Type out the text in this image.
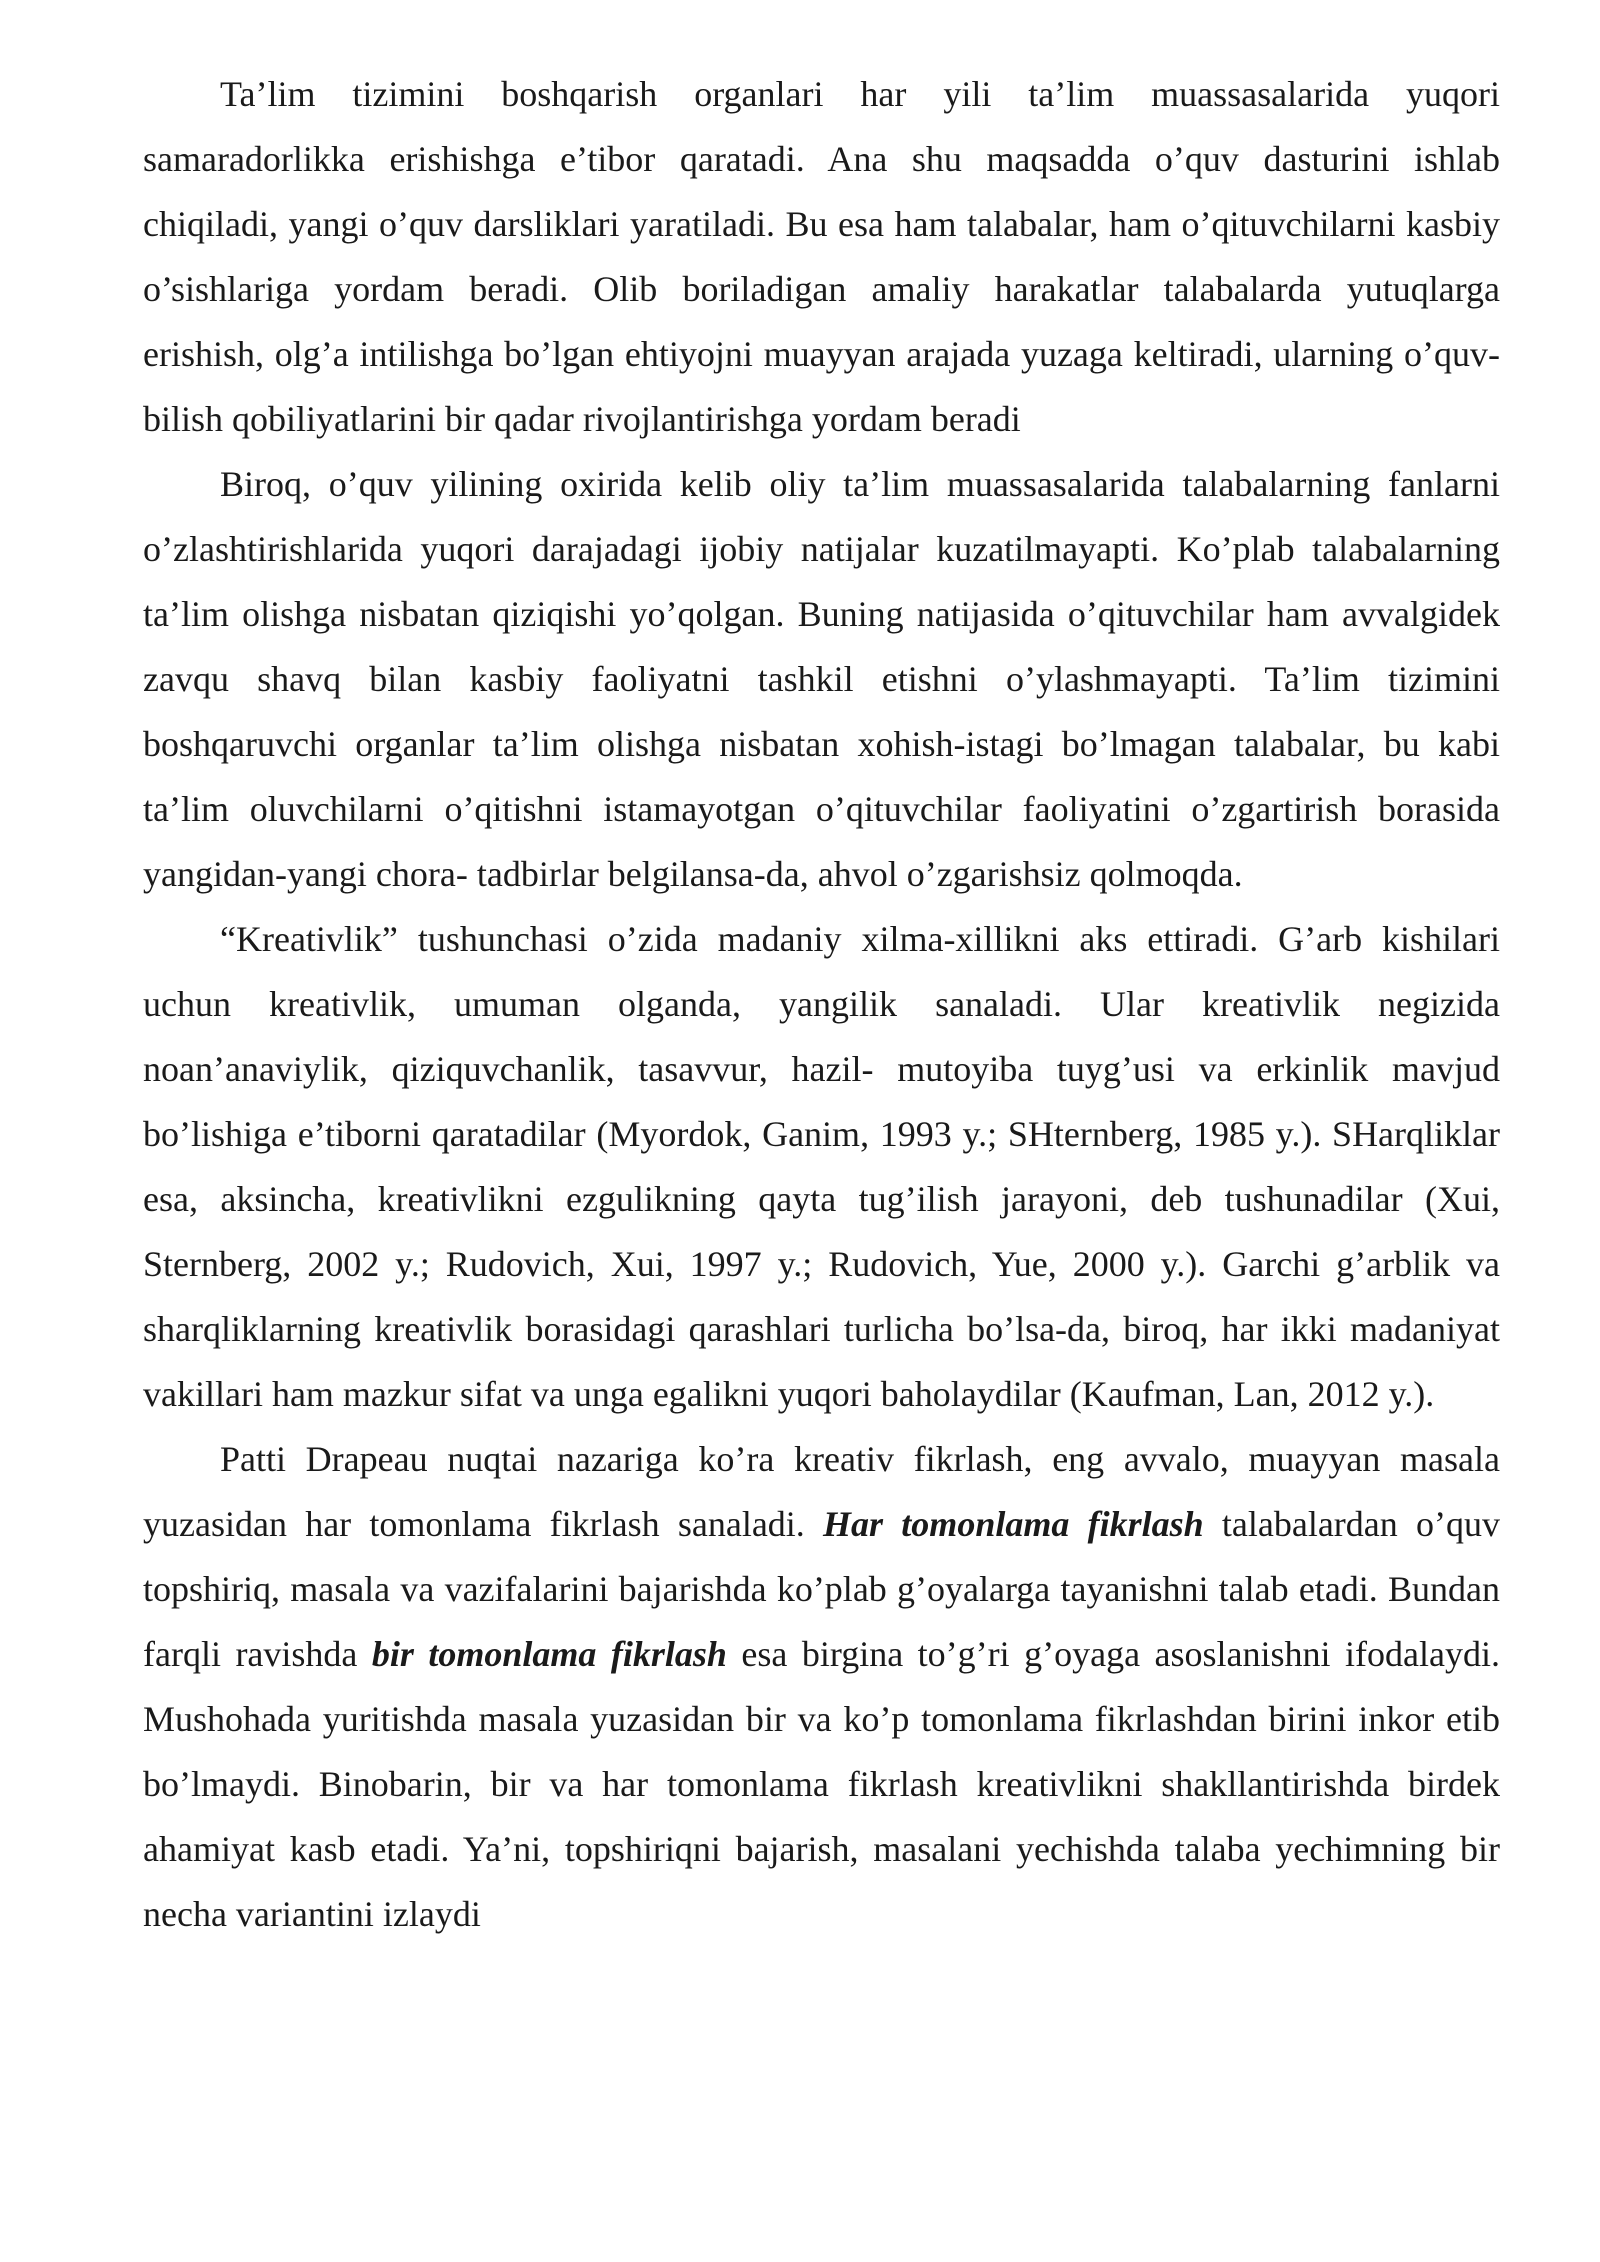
Ta’lim tizimini boshqarish organlari har yili ta’lim muassasalarida yuqori samaradorlikka erishishga e’tibor qaratadi. Ana shu maqsadda o’quv dasturini ishlab chiqiladi, yangi o’quv darsliklari yaratiladi. Bu esa ham talabalar, ham o’qituvchilarni kasbiy o’sishlariga yordam beradi. Olib boriladigan amaliy harakatlar talabalarda yutuqlarga erishish, olg’a intilishga bo’lgan ehtiyojni muayyan arajada yuzaga keltiradi, ularning o’quv-bilish qobiliyatlarini bir qadar rivojlantirishga yordam beradi

Biroq, o’quv yilining oxirida kelib oliy ta’lim muassasalarida talabalarning fanlarni o’zlashtirishlarida yuqori darajadagi ijobiy natijalar kuzatilmayapti. Ko’plab talabalarning ta’lim olishga nisbatan qiziqishi yo’qolgan. Buning natijasida o’qituvchilar ham avvalgidek zavqu shavq bilan kasbiy faoliyatni tashkil etishni o’ylashmayapti. Ta’lim tizimini boshqaruvchi organlar ta’lim olishga nisbatan xohish-istagi bo’lmagan talabalar, bu kabi ta’lim oluvchilarni o’qitishni istamayotgan o’qituvchilar faoliyatini o’zgartirish borasida yangidan-yangi chora- tadbirlar belgilansa-da, ahvol o’zgarishsiz qolmoqda.

“Kreativlik” tushunchasi o’zida madaniy xilma-xillikni aks ettiradi. G’arb kishilari uchun kreativlik, umuman olganda, yangilik sanaladi. Ular kreativlik negizida noan’anaviylik, qiziquvchanlik, tasavvur, hazil- mutoyiba tuyg’usi va erkinlik mavjud bo’lishiga e’tiborni qaratadilar (Myordok, Ganim, 1993 y.; SHternberg, 1985 y.). SHarqliklar esa, aksincha, kreativlikni ezgulikning qayta tug’ilish jarayoni, deb tushunadilar (Xui, Sternberg, 2002 y.; Rudovich, Xui, 1997 y.; Rudovich, Yue, 2000 y.). Garchi g’arblik va sharqliklarning kreativlik borasidagi qarashlari turlicha bo’lsa-da, biroq, har ikki madaniyat vakillari ham mazkur sifat va unga egalikni yuqori baholaydilar (Kaufman, Lan, 2012 y.).

Patti Drapeau nuqtai nazariga ko’ra kreativ fikrlash, eng avvalo, muayyan masala yuzasidan har tomonlama fikrlash sanaladi. Har tomonlama fikrlash talabalardan o’quv topshiriq, masala va vazifalarini bajarishda ko’plab g’oyalarga tayanishni talab etadi. Bundan farqli ravishda bir tomonlama fikrlash esa birgina to’g’ri g’oyaga asoslanishni ifodalaydi. Mushohada yuritishda masala yuzasidan bir va ko’p tomonlama fikrlashdan birini inkor etib bo’lmaydi. Binobarin, bir va har tomonlama fikrlash kreativlikni shakllantirishda birdek ahamiyat kasb etadi. Ya’ni, topshiriqni bajarish, masalani yechishda talaba yechimning bir necha variantini izlaydi
